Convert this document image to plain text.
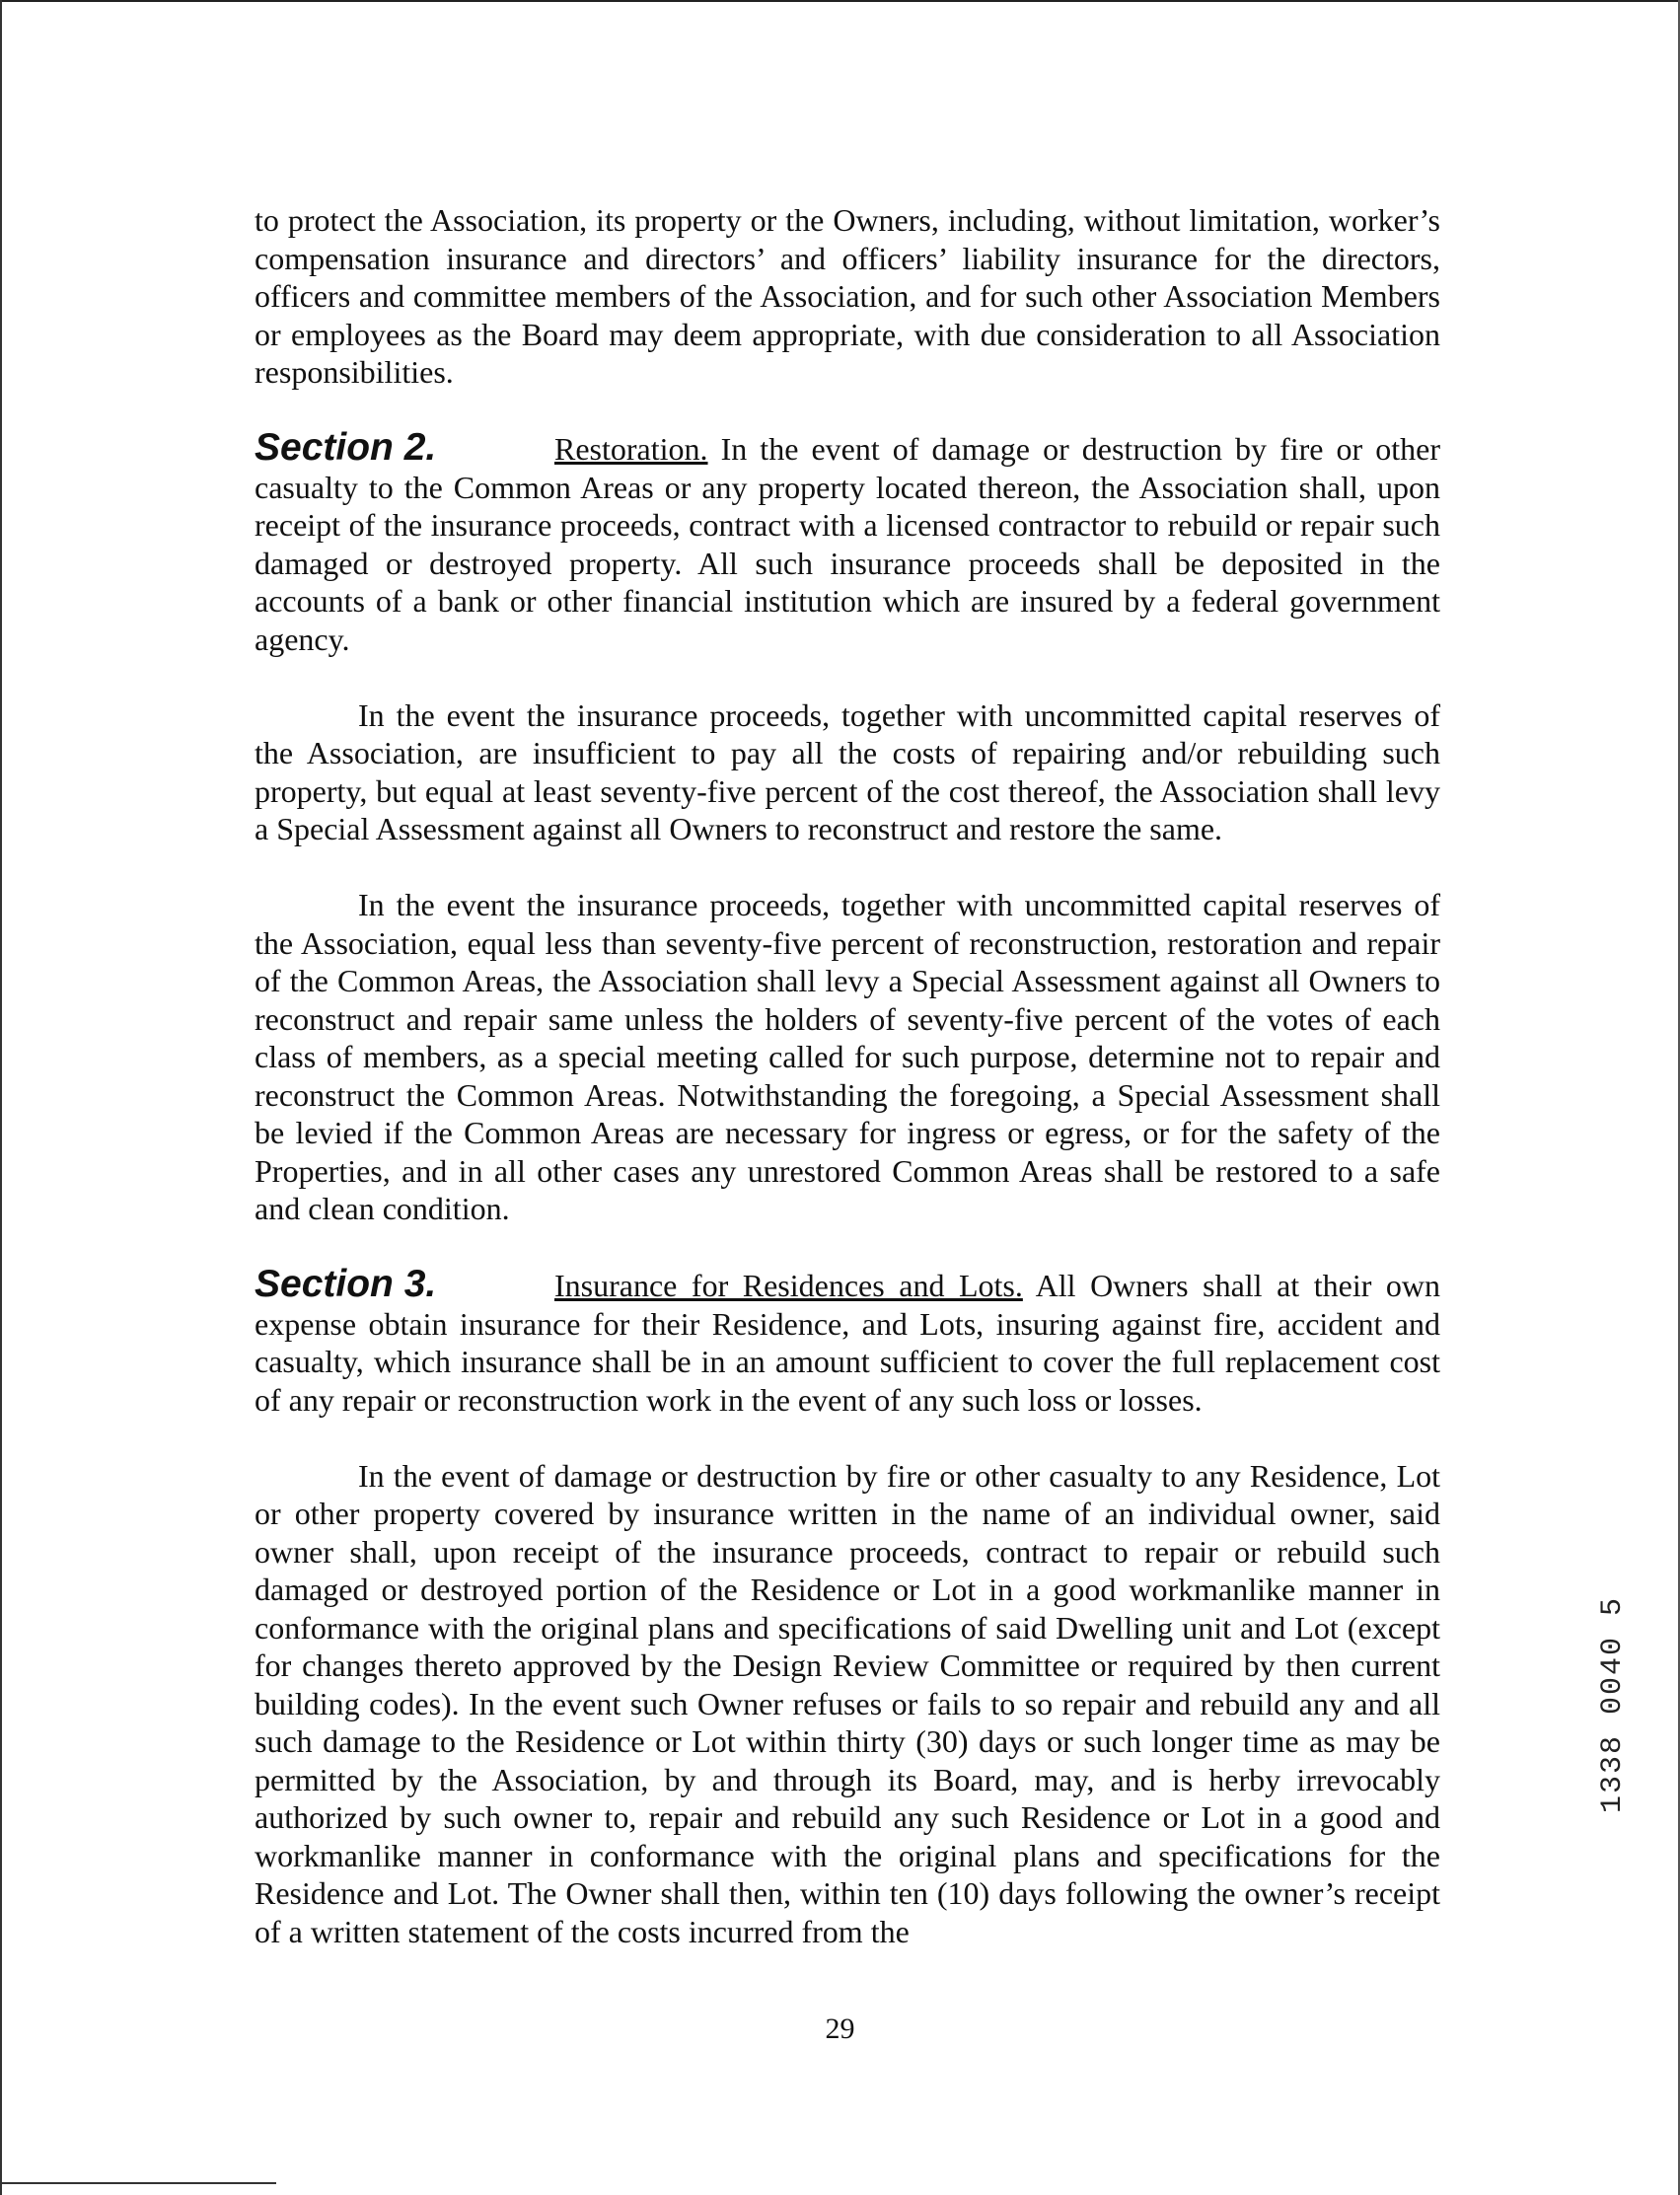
to protect the Association, its property or the Owners, including, without limitation, worker’s compensation insurance and directors’ and officers’ liability insurance for the directors, officers and committee members of the Association, and for such other Association Members or employees as the Board may deem appropriate, with due consideration to all Association responsibilities.

Section 2.	Restoration. In the event of damage or destruction by fire or other casualty to the Common Areas or any property located thereon, the Association shall, upon receipt of the insurance proceeds, contract with a licensed contractor to rebuild or repair such damaged or destroyed property. All such insurance proceeds shall be deposited in the accounts of a bank or other financial institution which are insured by a federal government agency.

In the event the insurance proceeds, together with uncommitted capital reserves of the Association, are insufficient to pay all the costs of repairing and/or rebuilding such property, but equal at least seventy-five percent of the cost thereof, the Association shall levy a Special Assessment against all Owners to reconstruct and restore the same.

In the event the insurance proceeds, together with uncommitted capital reserves of the Association, equal less than seventy-five percent of reconstruction, restoration and repair of the Common Areas, the Association shall levy a Special Assessment against all Owners to reconstruct and repair same unless the holders of seventy-five percent of the votes of each class of members, as a special meeting called for such purpose, determine not to repair and reconstruct the Common Areas. Notwithstanding the foregoing, a Special Assessment shall be levied if the Common Areas are necessary for ingress or egress, or for the safety of the Properties, and in all other cases any unrestored Common Areas shall be restored to a safe and clean condition.

Section 3.	Insurance for Residences and Lots. All Owners shall at their own expense obtain insurance for their Residence, and Lots, insuring against fire, accident and casualty, which insurance shall be in an amount sufficient to cover the full replacement cost of any repair or reconstruction work in the event of any such loss or losses.

In the event of damage or destruction by fire or other casualty to any Residence, Lot or other property covered by insurance written in the name of an individual owner, said owner shall, upon receipt of the insurance proceeds, contract to repair or rebuild such damaged or destroyed portion of the Residence or Lot in a good workmanlike manner in conformance with the original plans and specifications of said Dwelling unit and Lot (except for changes thereto approved by the Design Review Committee or required by then current building codes). In the event such Owner refuses or fails to so repair and rebuild any and all such damage to the Residence or Lot within thirty (30) days or such longer time as may be permitted by the Association, by and through its Board, may, and is herby irrevocably authorized by such owner to, repair and rebuild any such Residence or Lot in a good and workmanlike manner in conformance with the original plans and specifications for the Residence and Lot. The Owner shall then, within ten (10) days following the owner’s receipt of a written statement of the costs incurred from the

29
1338 0040 5
